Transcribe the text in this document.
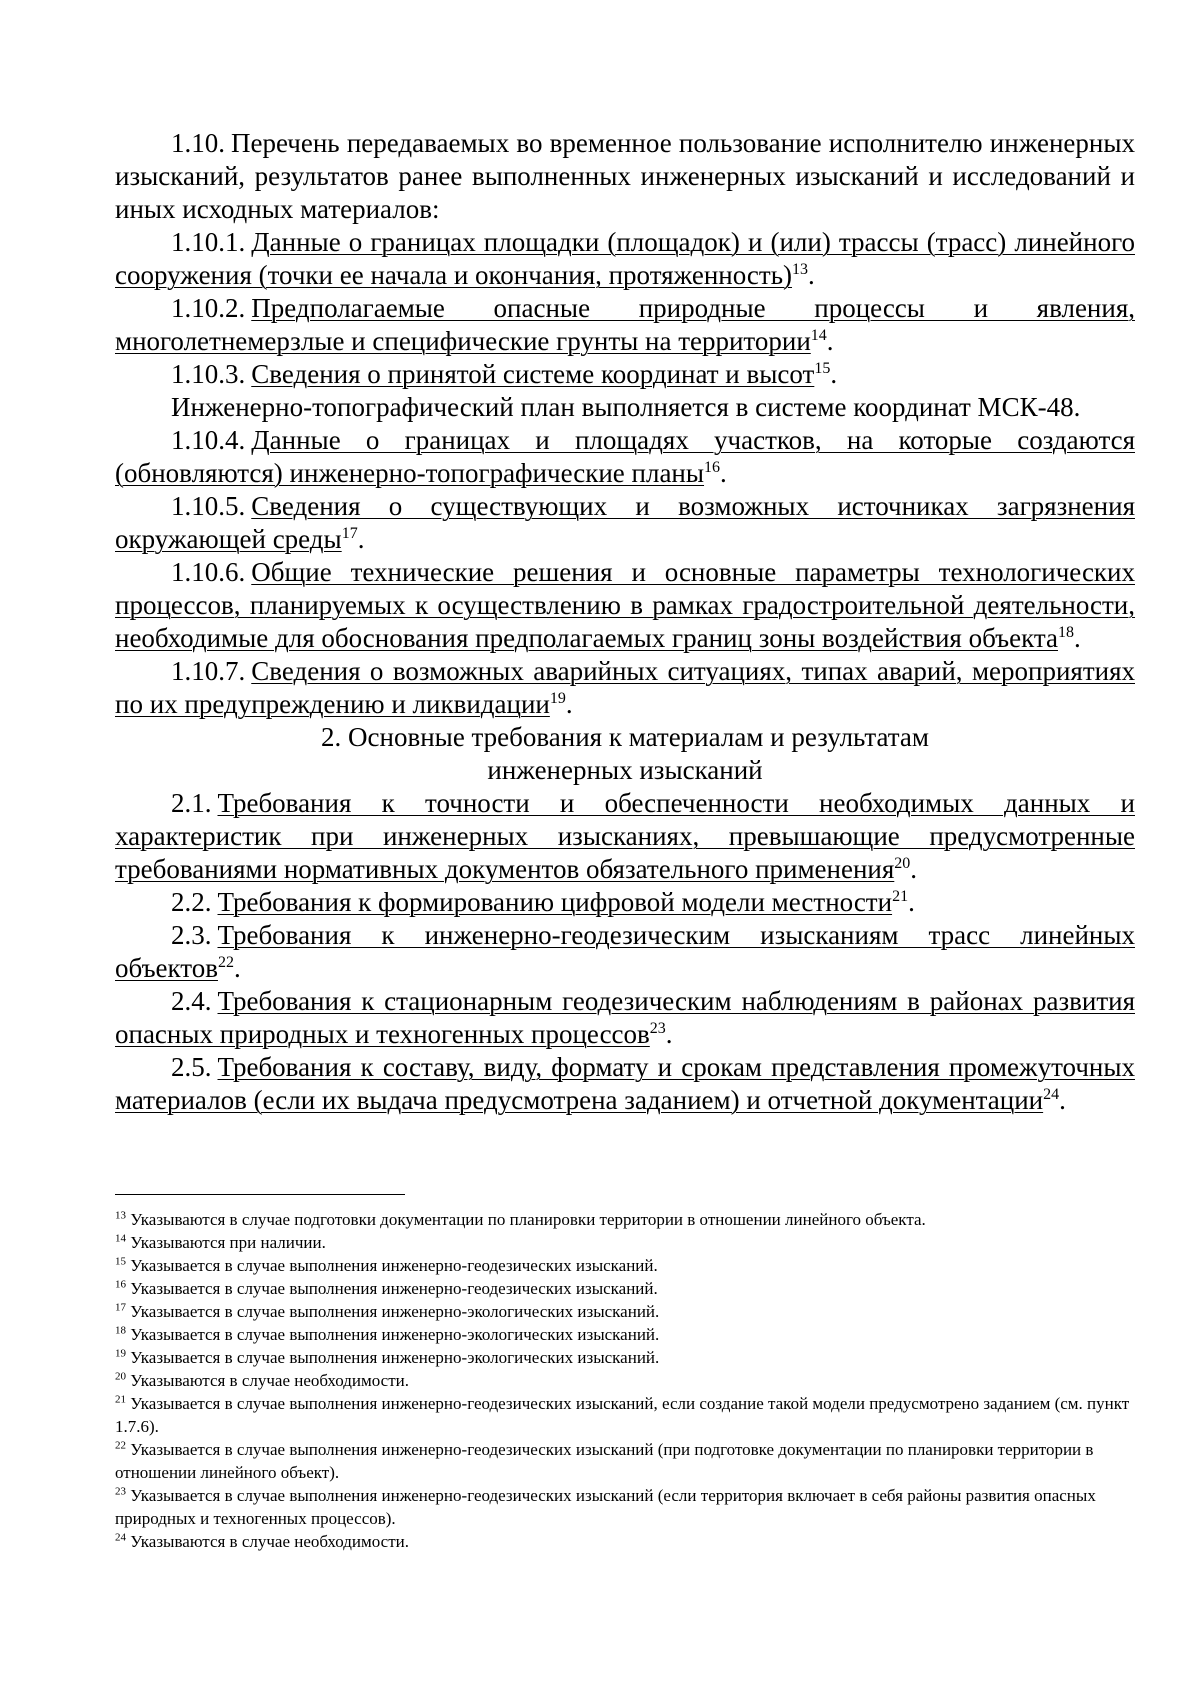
1.10. Перечень передаваемых во временное пользование исполнителю инженерных изысканий, результатов ранее выполненных инженерных изысканий и исследований и иных исходных материалов:

1.10.1. Данные о границах площадки (площадок) и (или) трассы (трасс) линейного сооружения (точки ее начала и окончания, протяженность)$^{13}$.

1.10.2. Предполагаемые опасные природные процессы и явления, многолетнемерзлые и специфические грунты на территории$^{14}$.

1.10.3. Сведения о принятой системе координат и высот$^{15}$.

Инженерно-топографический план выполняется в системе координат МСК-48.

1.10.4. Данные о границах и площадях участков, на которые создаются (обновляются) инженерно-топографические планы$^{16}$.

1.10.5. Сведения о существующих и возможных источниках загрязнения окружающей среды$^{17}$.

1.10.6. Общие технические решения и основные параметры технологических процессов, планируемых к осуществлению в рамках градостроительной деятельности, необходимые для обоснования предполагаемых границ зоны воздействия объекта$^{18}$.

1.10.7. Сведения о возможных аварийных ситуациях, типах аварий, мероприятиях по их предупреждению и ликвидации$^{19}$.

2. Основные требования к материалам и результатам
инженерных изысканий

2.1. Требования к точности и обеспеченности необходимых данных и характеристик при инженерных изысканиях, превышающие предусмотренные требованиями нормативных документов обязательного применения$^{20}$.

2.2. Требования к формированию цифровой модели местности$^{21}$.

2.3. Требования к инженерно-геодезическим изысканиям трасс линейных объектов$^{22}$.

2.4. Требования к стационарным геодезическим наблюдениям в районах развития опасных природных и техногенных процессов$^{23}$.

2.5. Требования к составу, виду, формату и срокам представления промежуточных материалов (если их выдача предусмотрена заданием) и отчетной документации$^{24}$.

$^{13}$ Указываются в случае подготовки документации по планировки территории в отношении линейного объекта.

$^{14}$ Указываются при наличии.

$^{15}$ Указывается в случае выполнения инженерно-геодезических изысканий.

$^{16}$ Указывается в случае выполнения инженерно-геодезических изысканий.

$^{17}$ Указывается в случае выполнения инженерно-экологических изысканий.

$^{18}$ Указывается в случае выполнения инженерно-экологических изысканий.

$^{19}$ Указывается в случае выполнения инженерно-экологических изысканий.

$^{20}$ Указываются в случае необходимости.

$^{21}$ Указывается в случае выполнения инженерно-геодезических изысканий, если создание такой модели предусмотрено заданием (см. пункт 1.7.6).

$^{22}$ Указывается в случае выполнения инженерно-геодезических изысканий (при подготовке документации по планировки территории в отношении линейного объект).

$^{23}$ Указывается в случае выполнения инженерно-геодезических изысканий (если территория включает в себя районы развития опасных природных и техногенных процессов).

$^{24}$ Указываются в случае необходимости.
